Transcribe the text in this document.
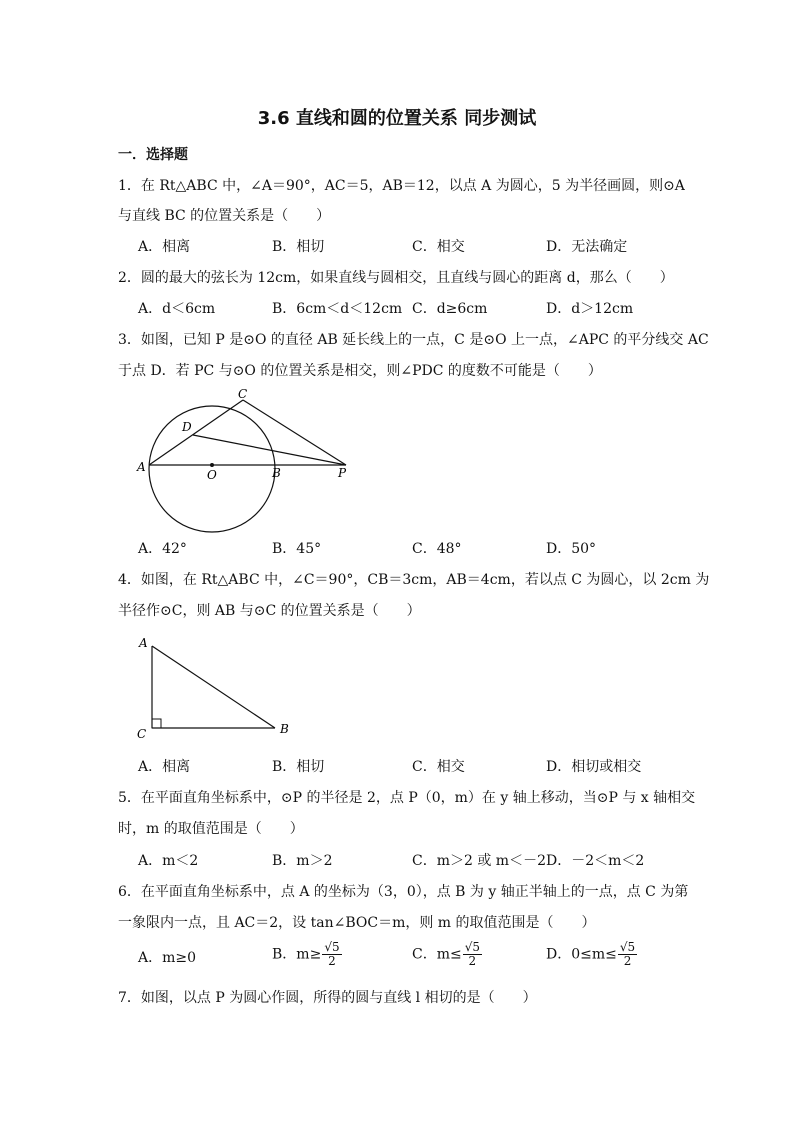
3.6 直线和圆的位置关系 同步测试
一．选择题
1．在 Rt△ABC 中，∠A＝90°，AC＝5，AB＝12，以点 A 为圆心，5 为半径画圆，则⊙A
与直线 BC 的位置关系是（　　）
A．相离	B．相切	C．相交	D．无法确定
2．圆的最大的弦长为 12cm，如果直线与圆相交，且直线与圆心的距离 d，那么（　　）
A．d＜6cm	B．6cm＜d＜12cm C．d≥6cm	D．d＞12cm
3．如图，已知 P 是⊙O 的直径 AB 延长线上的一点，C 是⊙O 上一点，∠APC 的平分线交 AC
于点 D．若 PC 与⊙O 的位置关系是相交，则∠PDC 的度数不可能是（　　）
A	B
C
D
O	P
A．42°	B．45°	C．48°	D．50°
4．如图，在 Rt△ABC 中，∠C＝90°，CB＝3cm，AB＝4cm，若以点 C 为圆心，以 2cm 为
半径作⊙C，则 AB 与⊙C 的位置关系是（　　）
A
C	B
A．相离	B．相切	C．相交	D．相切或相交
5．在平面直角坐标系中，⊙P 的半径是 2，点 P（0，m）在 y 轴上移动，当⊙P 与 x 轴相交
时，m 的取值范围是（　　）
A．m＜2	B．m＞2	C．m＞2 或 m＜－2 D．－2＜m＜2
6．在平面直角坐标系中，点 A 的坐标为（3，0），点 B 为 y 轴正半轴上的一点，点 C 为第
一象限内一点，且 AC＝2，设 tan∠BOC＝m，则 m 的取值范围是（　　）
A．m≥0	B．$m\ge \frac{√5}{2}$	C．$m\le \frac{√5}{2}$	D．$0\le m\le \frac{√5}{2}$
7．如图，以点 P 为圆心作圆，所得的圆与直线 l 相切的是（　　）
